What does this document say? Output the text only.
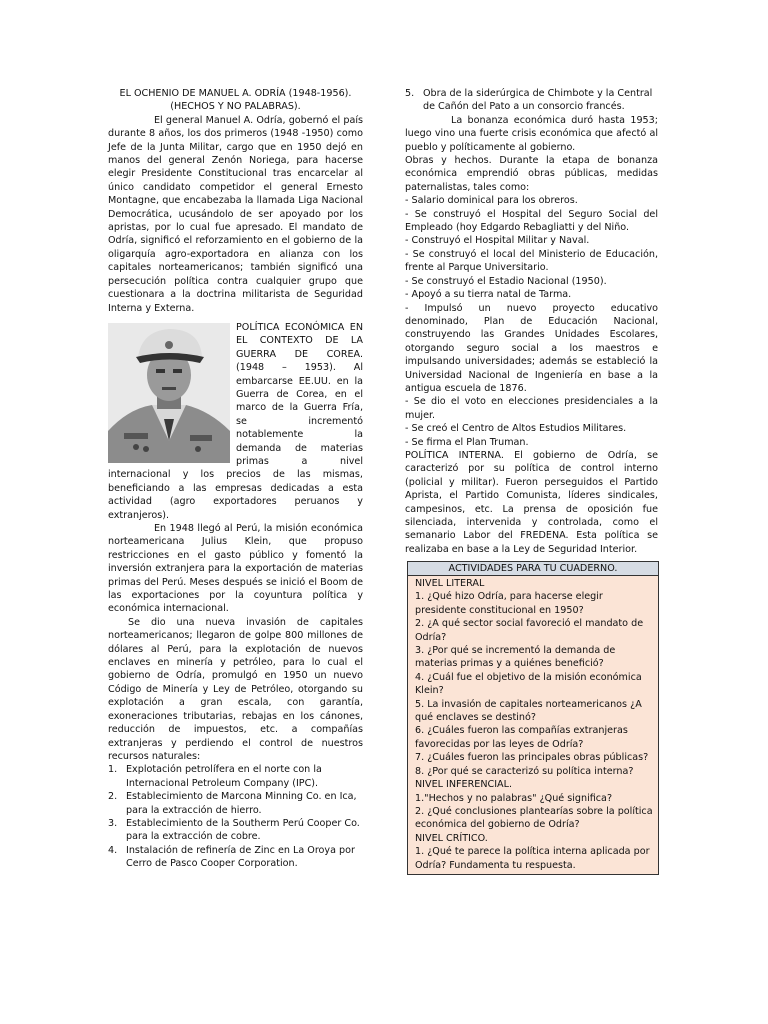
EL OCHENIO DE MANUEL A. ODRÍA (1948-1956).
(HECHOS Y NO PALABRAS).

El general Manuel A. Odría, gobernó el país durante 8 años, los dos primeros (1948 -1950) como Jefe de la Junta Militar, cargo que en 1950 dejó en manos del general Zenón Noriega, para hacerse elegir Presidente Constitucional tras encarcelar al único candidato competidor el general Ernesto Montagne, que encabezaba la llamada Liga Nacional Democrática, ucusándolo de ser apoyado por los apristas, por lo cual fue apresado. El mandato de Odría, significó el reforzamiento en el gobierno de la oligarquía agro-exportadora en alianza con los capitales norteamericanos; también significó una persecución política contra cualquier grupo que cuestionara a la doctrina militarista de Seguridad Interna y Externa.

POLÍTICA ECONÓMICA EN EL CONTEXTO DE LA GUERRA DE COREA. (1948 – 1953). Al embarcarse EE.UU. en la Guerra de Corea, en el marco de la Guerra Fría, se incrementó notablemente la demanda de materias primas a nivel internacional y los precios de las mismas, beneficiando a las empresas dedicadas a esta actividad (agro exportadores peruanos y extranjeros).

En 1948 llegó al Perú, la misión económica norteamericana Julius Klein, que propuso restricciones en el gasto público y fomentó la inversión extranjera para la exportación de materias primas del Perú. Meses después se inició el Boom de las exportaciones por la coyuntura política y económica internacional.

Se dio una nueva invasión de capitales norteamericanos; llegaron de golpe 800 millones de dólares al Perú, para la explotación de nuevos enclaves en minería y petróleo, para lo cual el gobierno de Odría, promulgó en 1950 un nuevo Código de Minería y Ley de Petróleo, otorgando su explotación a gran escala, con garantía, exoneraciones tributarias, rebajas en los cánones, reducción de impuestos, etc. a compañías extranjeras y perdiendo el control de nuestros recursos naturales:

1. Explotación petrolífera en el norte con la Internacional Petroleum Company (IPC).
2. Establecimiento de Marcona Minning Co. en Ica, para la extracción de hierro.
3. Establecimiento de la Southerm Perú Cooper Co. para la extracción de cobre.
4. Instalación de refinería de Zinc en La Oroya por Cerro de Pasco Cooper Corporation.
5. Obra de la siderúrgica de Chimbote y la Central de Cañón del Pato a un consorcio francés.

La bonanza económica duró hasta 1953; luego vino una fuerte crisis económica que afectó al pueblo y políticamente al gobierno.

Obras y hechos. Durante la etapa de bonanza económica emprendió obras públicas, medidas paternalistas, tales como:

- Salario dominical para los obreros.

- Se construyó el Hospital del Seguro Social del Empleado (hoy Edgardo Rebagliatti y del Niño.

- Construyó el Hospital Militar y Naval.

- Se construyó el local del Ministerio de Educación, frente al Parque Universitario.

- Se construyó el Estadio Nacional (1950).

- Apoyó a su tierra natal de Tarma.

- Impulsó un nuevo proyecto educativo denominado, Plan de Educación Nacional, construyendo las Grandes Unidades Escolares, otorgando seguro social a los maestros e impulsando universidades; además se estableció la Universidad Nacional de Ingeniería en base a la antigua escuela de 1876.

- Se dio el voto en elecciones presidenciales a la mujer.

- Se creó el Centro de Altos Estudios Militares.

- Se firma el Plan Truman.

POLÍTICA INTERNA. El gobierno de Odría, se caracterizó por su política de control interno (policial y militar). Fueron perseguidos el Partido Aprista, el Partido Comunista, líderes sindicales, campesinos, etc. La prensa de oposición fue silenciada, intervenida y controlada, como el semanario Labor del FREDENA. Esta política se realizaba en base a la Ley de Seguridad Interior.

ACTIVIDADES PARA TU CUADERNO.
NIVEL LITERAL
1. ¿Qué hizo Odría, para hacerse elegir presidente constitucional en 1950?
2. ¿A qué sector social favoreció el mandato de Odría?
3. ¿Por qué se incrementó la demanda de materias primas y a quiénes benefició?
4. ¿Cuál fue el objetivo de la misión económica Klein?
5. La invasión de capitales norteamericanos ¿A qué enclaves se destinó?
6. ¿Cuáles fueron las compañías extranjeras favorecidas por las leyes de Odría?
7. ¿Cuáles fueron las principales obras públicas?
8. ¿Por qué se caracterizó su política interna?
NIVEL INFERENCIAL.
1."Hechos y no palabras" ¿Qué significa?
2. ¿Qué conclusiones plantearías sobre la política económica del gobierno de Odría?
NIVEL CRÍTICO.
1. ¿Qué te parece la política interna aplicada por Odría? Fundamenta tu respuesta.
